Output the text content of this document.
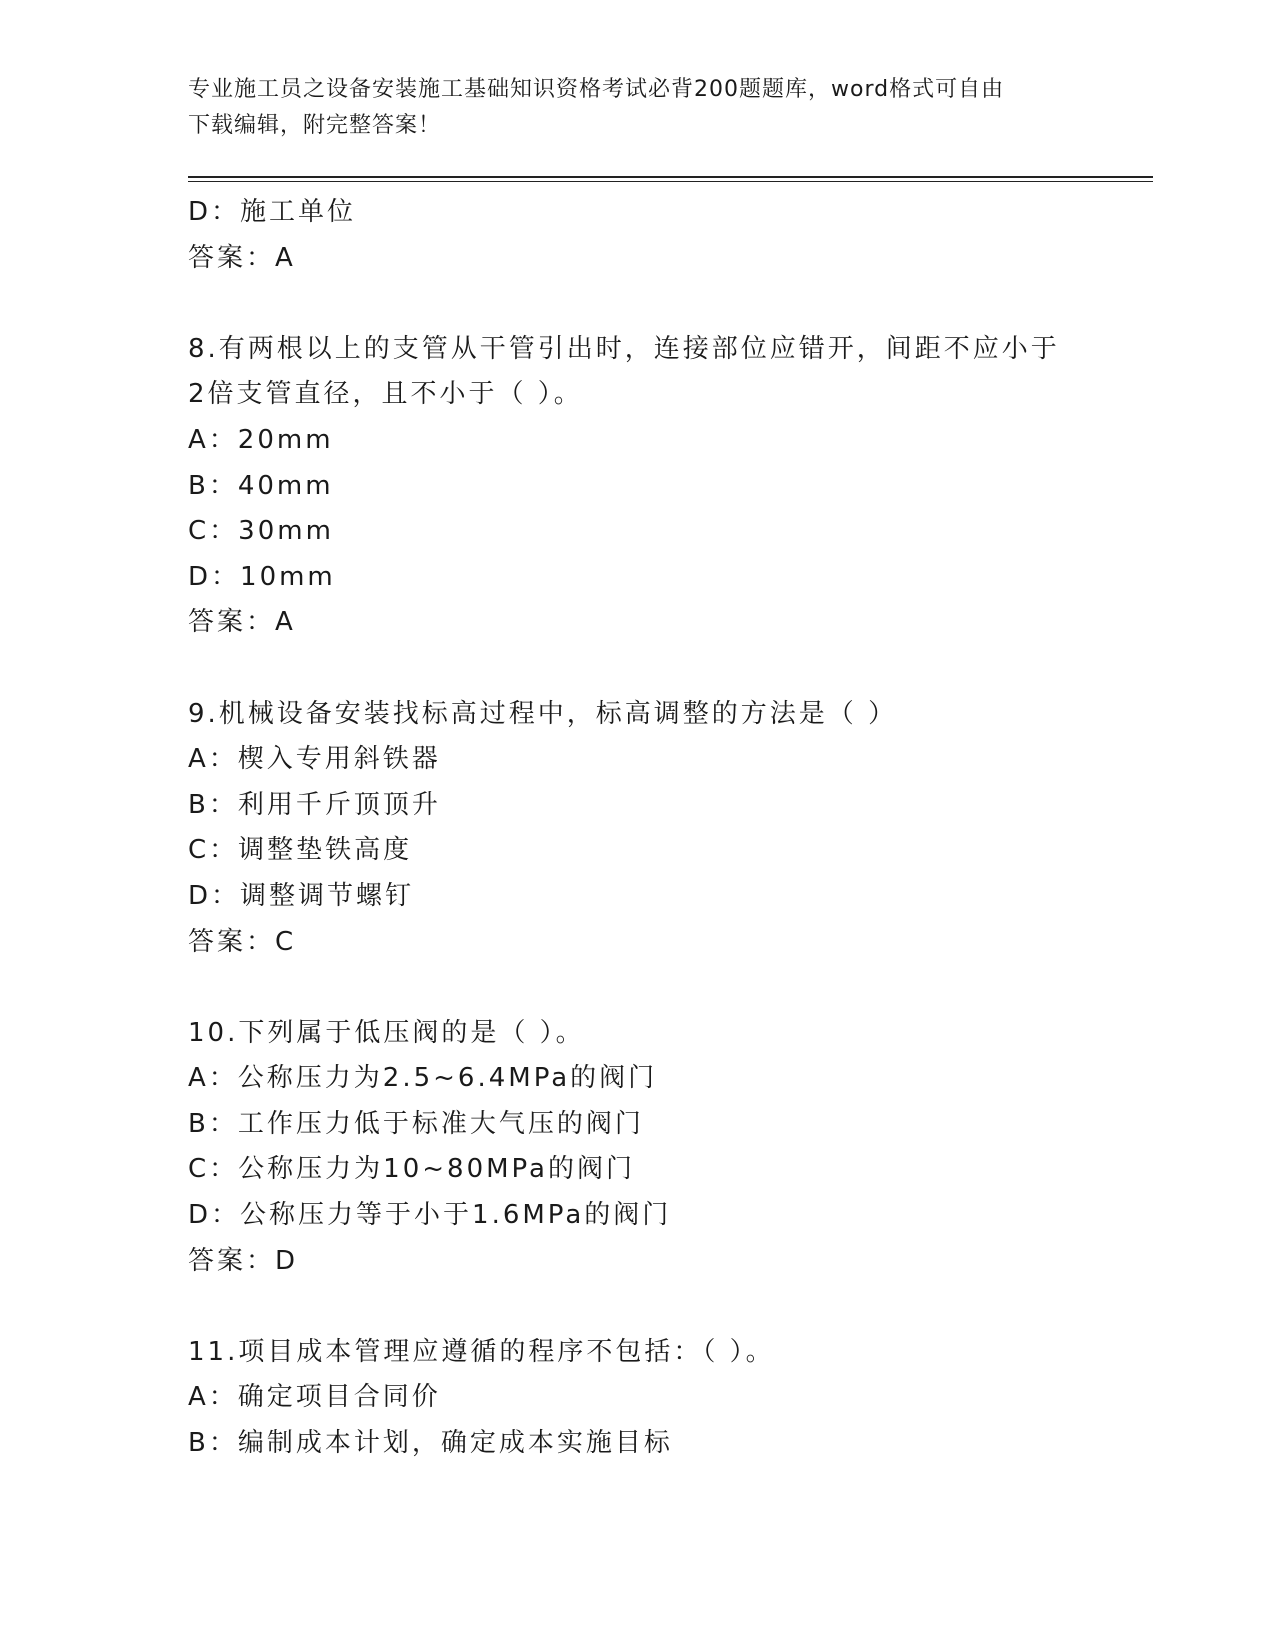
专业施工员之设备安装施工基础知识资格考试必背200题题库，word格式可自由
下载编辑，附完整答案！
D：施工单位
答案：A
8.有两根以上的支管从干管引出时，连接部位应错开，间距不应小于
2倍支管直径，且不小于（ ）。
A：20mm
B：40mm
C：30mm
D：10mm
答案：A
9.机械设备安装找标高过程中，标高调整的方法是（ ）
A：楔入专用斜铁器
B：利用千斤顶顶升
C：调整垫铁高度
D：调整调节螺钉
答案：C
10.下列属于低压阀的是（ ）。
A：公称压力为2.5~6.4MPa的阀门
B：工作压力低于标准大气压的阀门
C：公称压力为10~80MPa的阀门
D：公称压力等于小于1.6MPa的阀门
答案：D
11.项目成本管理应遵循的程序不包括：（ ）。
A：确定项目合同价
B：编制成本计划，确定成本实施目标
